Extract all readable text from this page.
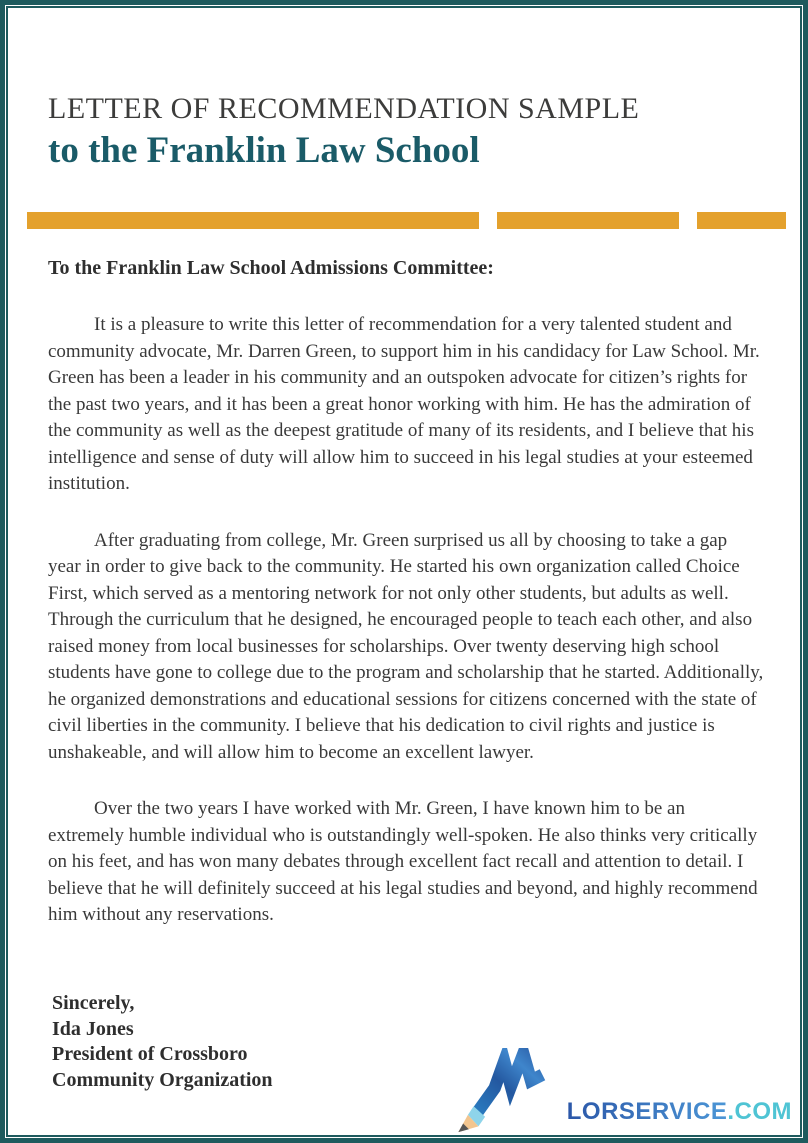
LETTER OF RECOMMENDATION SAMPLE
to the Franklin Law School

To the Franklin Law School Admissions Committee:

It is a pleasure to write this letter of recommendation for a very talented student and community advocate, Mr. Darren Green, to support him in his candidacy for Law School. Mr. Green has been a leader in his community and an outspoken advocate for citizen’s rights for the past two years, and it has been a great honor working with him. He has the admiration of the community as well as the deepest gratitude of many of its residents, and I believe that his intelligence and sense of duty will allow him to succeed in his legal studies at your esteemed institution.

After graduating from college, Mr. Green surprised us all by choosing to take a gap year in order to give back to the community. He started his own organization called Choice First, which served as a mentoring network for not only other students, but adults as well. Through the curriculum that he designed, he encouraged people to teach each other, and also raised money from local businesses for scholarships. Over twenty deserving high school students have gone to college due to the program and scholarship that he started. Additionally, he organized demonstrations and educational sessions for citizens concerned with the state of civil liberties in the community. I believe that his dedication to civil rights and justice is unshakeable, and will allow him to become an excellent lawyer.

Over the two years I have worked with Mr. Green, I have known him to be an extremely humble individual who is outstandingly well-spoken. He also thinks very critically on his feet, and has won many debates through excellent fact recall and attention to detail. I believe that he will definitely succeed at his legal studies and beyond, and highly recommend him without any reservations.

Sincerely,
Ida Jones
President of Crossboro
Community Organization
LORSERVICE.COM
